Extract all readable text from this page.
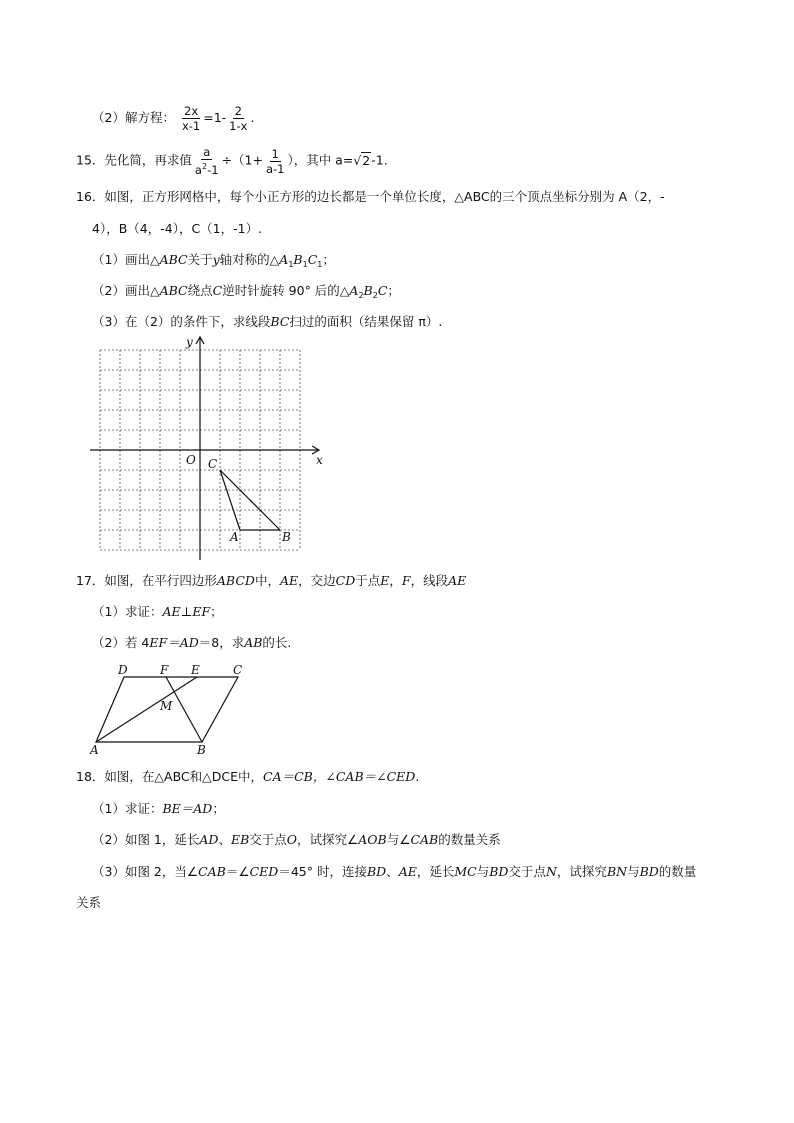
（2）解方程： $\frac{2x}{x-1} =1- \frac{2}{1-x}$ .
15．先化简，再求值 $\frac{a}{a^2-1} \div(1+ \frac{1}{a-1}$ ），其中 a=√2-1.
16．如图，正方形网格中，每个小正方形的边长都是一个单位长度，△ABC的三个顶点坐标分别为 A（2，-
4），B（4，-4），C（1，-1）.
（1）画出△ABC关于y轴对称的$\triangle A_1B_1C_1$；
（2）画出△ABC绕点C逆时针旋转 90° 后的$\triangle A_2B_2C$；
（3）在（2）的条件下，求线段BC扫过的面积（结果保留 π）.
y
x
O C
A	B
17．如图，在平行四边形ABCD中，AE，交边CD于点E，F，线段AE
（1）求证：AE⊥EF；
（2）若 4EF＝AD＝8，求AB的长.
D	F E	C
M
A	B
18．如图，在△ABC和△DCE中，CA＝CB，∠CAB＝∠CED.
（1）求证：BE＝AD；
（2）如图 1，延长AD、EB交于点O，试探究∠AOB与∠CAB的数量关系
（3）如图 2，当∠CAB＝∠CED＝45° 时，连接BD、AE，延长MC与BD交于点N，试探究BN与BD的数量
关系
